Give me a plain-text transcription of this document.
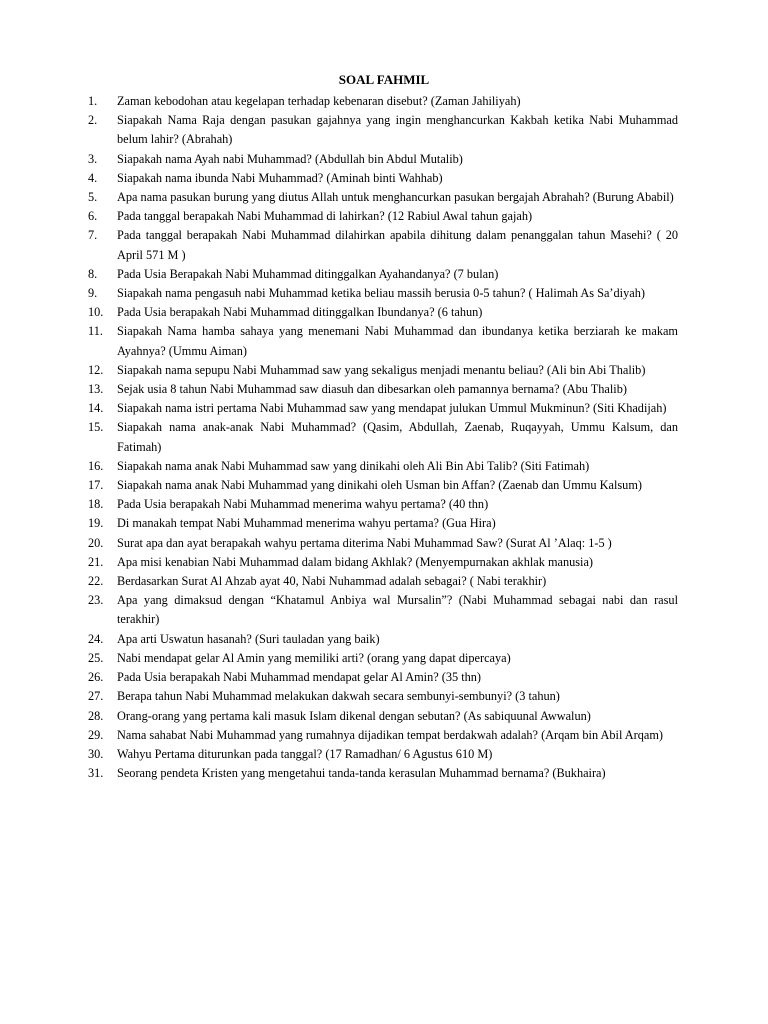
SOAL FAHMIL
1. Zaman kebodohan atau kegelapan terhadap kebenaran disebut? (Zaman Jahiliyah)
2. Siapakah Nama Raja dengan pasukan gajahnya yang ingin menghancurkan Kakbah ketika Nabi Muhammad belum lahir? (Abrahah)
3. Siapakah nama Ayah nabi Muhammad? (Abdullah bin Abdul Mutalib)
4. Siapakah nama ibunda Nabi Muhammad? (Aminah binti Wahhab)
5. Apa nama pasukan burung yang diutus Allah untuk menghancurkan pasukan bergajah Abrahah? (Burung Ababil)
6. Pada tanggal berapakah Nabi Muhammad di lahirkan? (12 Rabiul Awal tahun gajah)
7. Pada tanggal berapakah Nabi Muhammad dilahirkan apabila dihitung dalam penanggalan tahun Masehi? ( 20 April 571 M )
8. Pada Usia Berapakah Nabi Muhammad ditinggalkan Ayahandanya? (7 bulan)
9. Siapakah nama pengasuh nabi Muhammad ketika beliau massih berusia 0-5 tahun? ( Halimah As Sa’diyah)
10. Pada Usia berapakah Nabi Muhammad ditinggalkan Ibundanya? (6 tahun)
11. Siapakah Nama hamba sahaya yang menemani Nabi Muhammad dan ibundanya ketika berziarah ke makam Ayahnya? (Ummu Aiman)
12. Siapakah nama sepupu Nabi Muhammad saw yang sekaligus menjadi menantu beliau? (Ali bin Abi Thalib)
13. Sejak usia 8 tahun Nabi Muhammad saw diasuh dan dibesarkan oleh pamannya bernama? (Abu Thalib)
14. Siapakah nama istri pertama Nabi Muhammad saw yang mendapat julukan Ummul Mukminun? (Siti Khadijah)
15. Siapakah nama anak-anak Nabi Muhammad? (Qasim, Abdullah, Zaenab, Ruqayyah, Ummu Kalsum, dan Fatimah)
16. Siapakah nama anak Nabi Muhammad saw yang dinikahi oleh Ali Bin Abi Talib? (Siti Fatimah)
17. Siapakah nama anak Nabi Muhammad yang dinikahi oleh Usman bin Affan? (Zaenab dan Ummu Kalsum)
18. Pada Usia berapakah Nabi Muhammad menerima wahyu pertama? (40 thn)
19. Di manakah tempat Nabi Muhammad menerima wahyu pertama? (Gua Hira)
20. Surat apa dan ayat berapakah wahyu pertama diterima Nabi Muhammad Saw? (Surat Al ’Alaq: 1-5 )
21. Apa misi kenabian Nabi Muhammad dalam bidang Akhlak? (Menyempurnakan akhlak manusia)
22. Berdasarkan Surat Al Ahzab ayat 40, Nabi Nuhammad adalah sebagai? ( Nabi terakhir)
23. Apa yang dimaksud dengan “Khatamul Anbiya wal Mursalin”? (Nabi Muhammad sebagai nabi dan rasul terakhir)
24. Apa arti Uswatun hasanah? (Suri tauladan yang baik)
25. Nabi mendapat gelar Al Amin yang memiliki arti? (orang yang dapat dipercaya)
26. Pada Usia berapakah Nabi Muhammad mendapat gelar Al Amin? (35 thn)
27. Berapa tahun Nabi Muhammad melakukan dakwah secara sembunyi-sembunyi? (3 tahun)
28. Orang-orang yang pertama kali masuk Islam dikenal dengan sebutan? (As sabiquunal Awwalun)
29. Nama sahabat Nabi Muhammad yang rumahnya dijadikan tempat berdakwah adalah? (Arqam bin Abil Arqam)
30. Wahyu Pertama diturunkan pada tanggal? (17 Ramadhan/ 6 Agustus 610 M)
31. Seorang pendeta Kristen yang mengetahui tanda-tanda kerasulan Muhammad bernama? (Bukhaira)
